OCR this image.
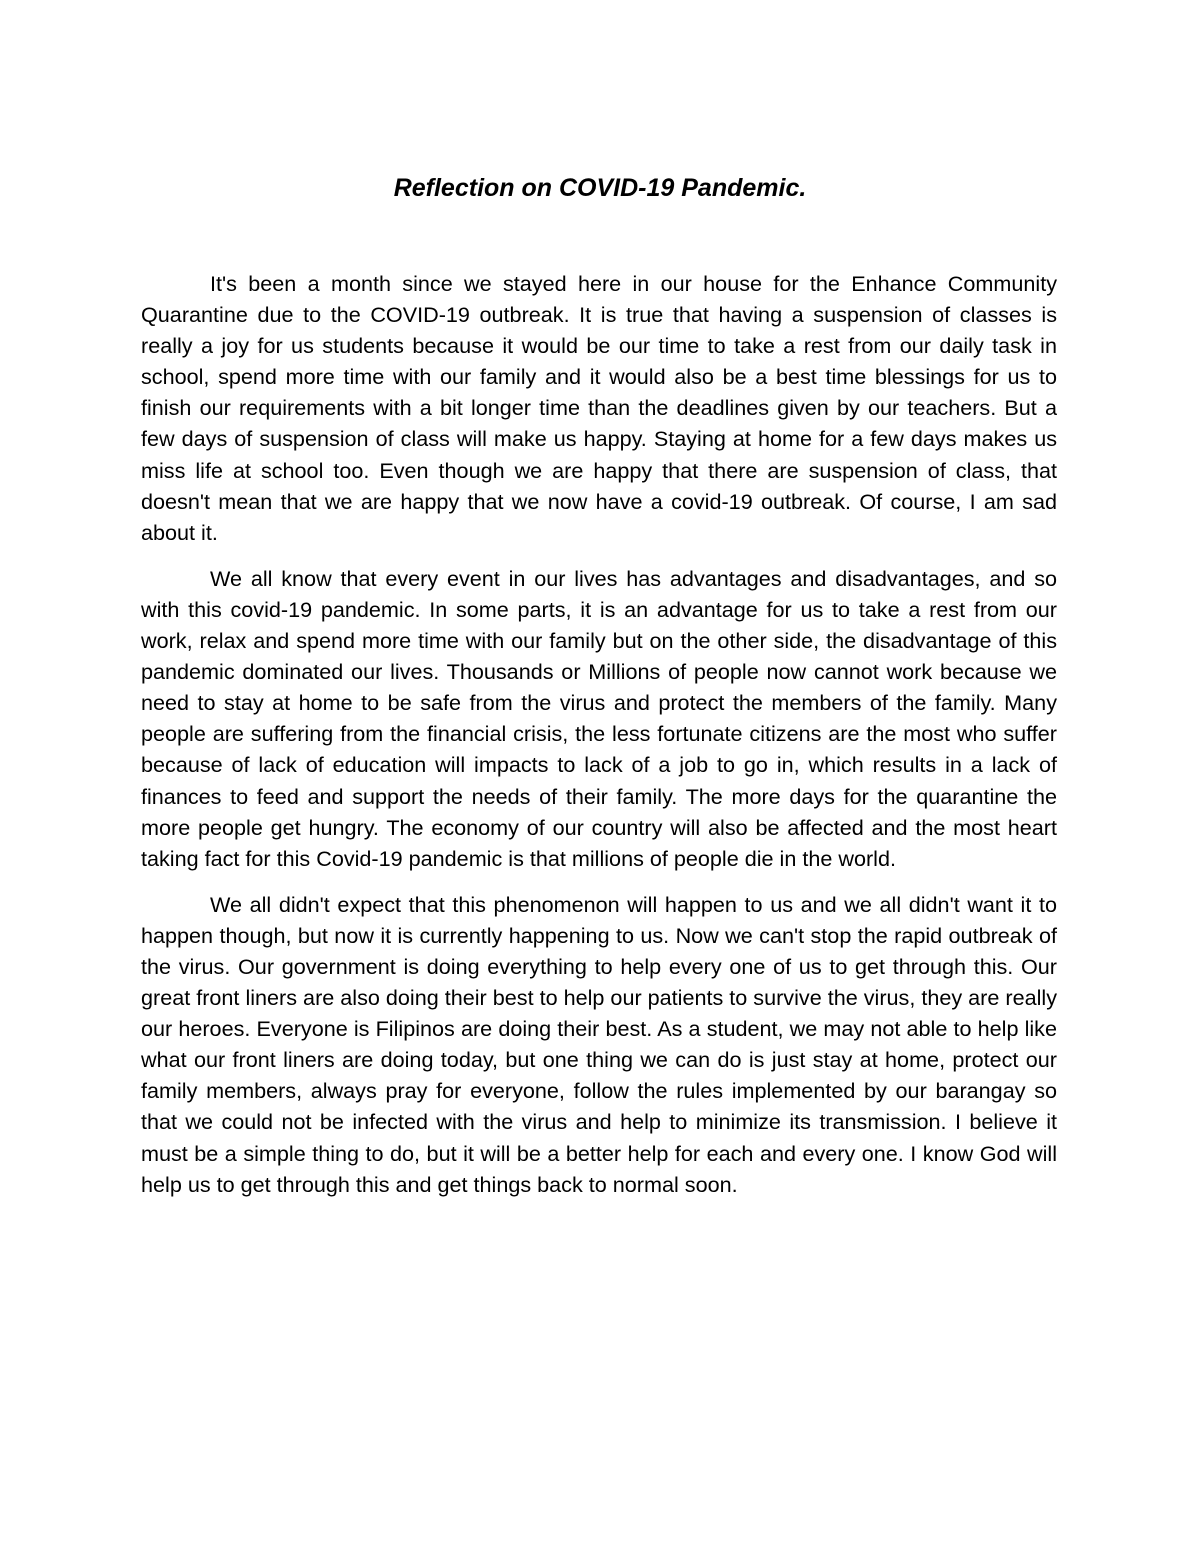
Reflection on COVID-19 Pandemic.

It's been a month since we stayed here in our house for the Enhance Community Quarantine due to the COVID-19 outbreak. It is true that having a suspension of classes is really a joy for us students because it would be our time to take a rest from our daily task in school, spend more time with our family and it would also be a best time blessings for us to finish our requirements with a bit longer time than the deadlines given by our teachers. But a few days of suspension of class will make us happy. Staying at home for a few days makes us miss life at school too. Even though we are happy that there are suspension of class, that doesn't mean that we are happy that we now have a covid-19 outbreak. Of course, I am sad about it.

We all know that every event in our lives has advantages and disadvantages, and so with this covid-19 pandemic. In some parts, it is an advantage for us to take a rest from our work, relax and spend more time with our family but on the other side, the disadvantage of this pandemic dominated our lives. Thousands or Millions of people now cannot work because we need to stay at home to be safe from the virus and protect the members of the family. Many people are suffering from the financial crisis, the less fortunate citizens are the most who suffer because of lack of education will impacts to lack of a job to go in, which results in a lack of finances to feed and support the needs of their family. The more days for the quarantine the more people get hungry. The economy of our country will also be affected and the most heart taking fact for this Covid-19 pandemic is that millions of people die in the world.

We all didn't expect that this phenomenon will happen to us and we all didn't want it to happen though, but now it is currently happening to us. Now we can't stop the rapid outbreak of the virus. Our government is doing everything to help every one of us to get through this. Our great front liners are also doing their best to help our patients to survive the virus, they are really our heroes. Everyone is Filipinos are doing their best. As a student, we may not able to help like what our front liners are doing today, but one thing we can do is just stay at home, protect our family members, always pray for everyone, follow the rules implemented by our barangay so that we could not be infected with the virus and help to minimize its transmission. I believe it must be a simple thing to do, but it will be a better help for each and every one. I know God will help us to get through this and get things back to normal soon.
